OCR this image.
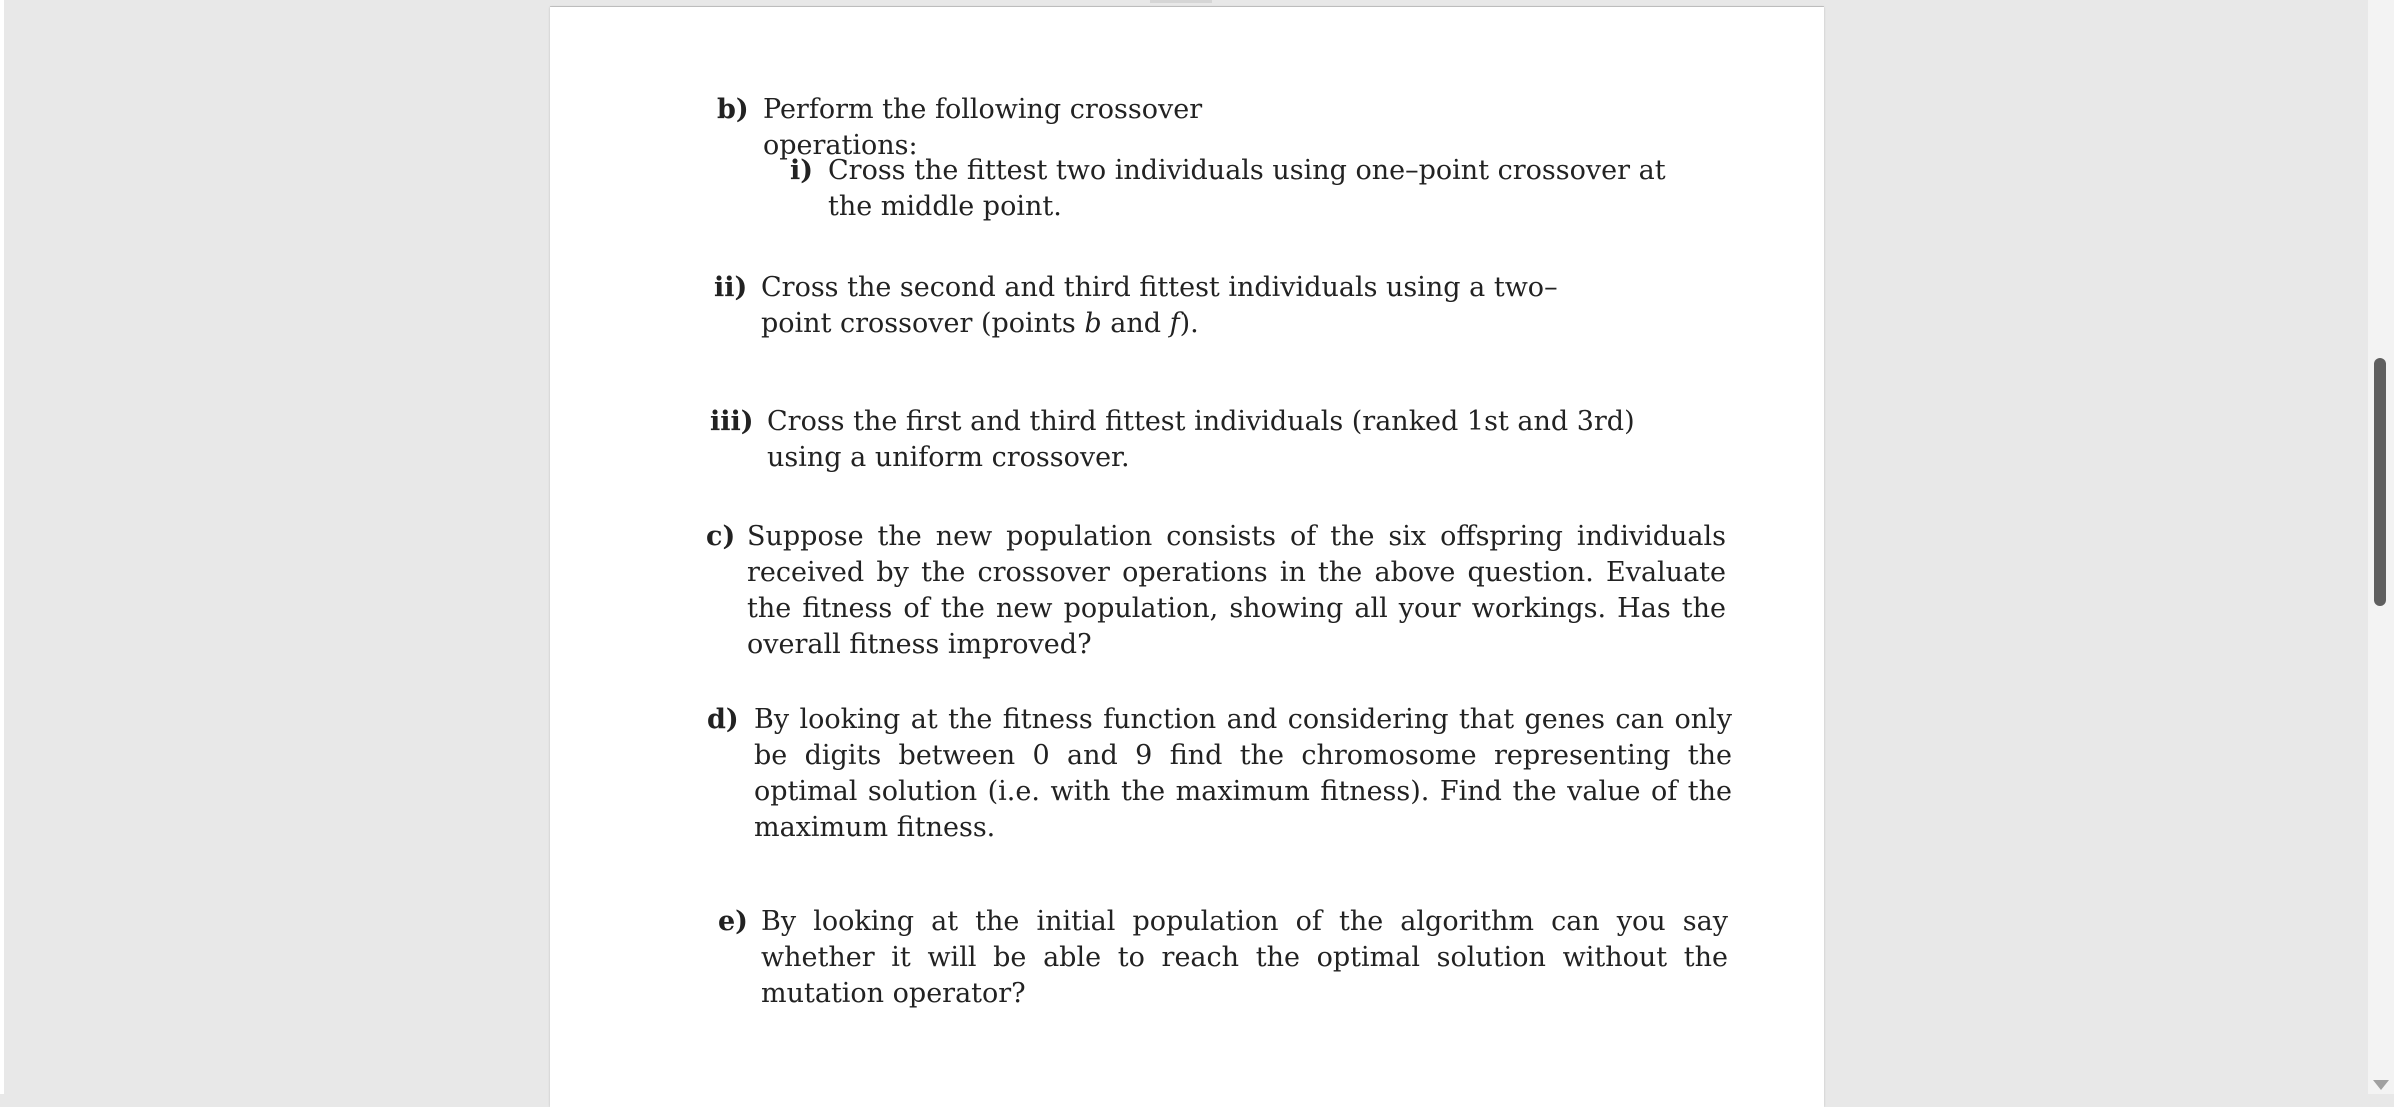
b) Perform the following crossover operations:
i) Cross the fittest two individuals using one–point crossover at the middle point.
ii) Cross the second and third fittest individuals using a two–point crossover (points b and f).
iii) Cross the first and third fittest individuals (ranked 1st and 3rd) using a uniform crossover.
c) Suppose the new population consists of the six offspring individuals received by the crossover operations in the above question. Evaluate the fitness of the new population, showing all your workings. Has the overall fitness improved?
d) By looking at the fitness function and considering that genes can only be digits between 0 and 9 find the chromosome representing the optimal solution (i.e. with the maximum fitness). Find the value of the maximum fitness.
e) By looking at the initial population of the algorithm can you say whether it will be able to reach the optimal solution without the mutation operator?
